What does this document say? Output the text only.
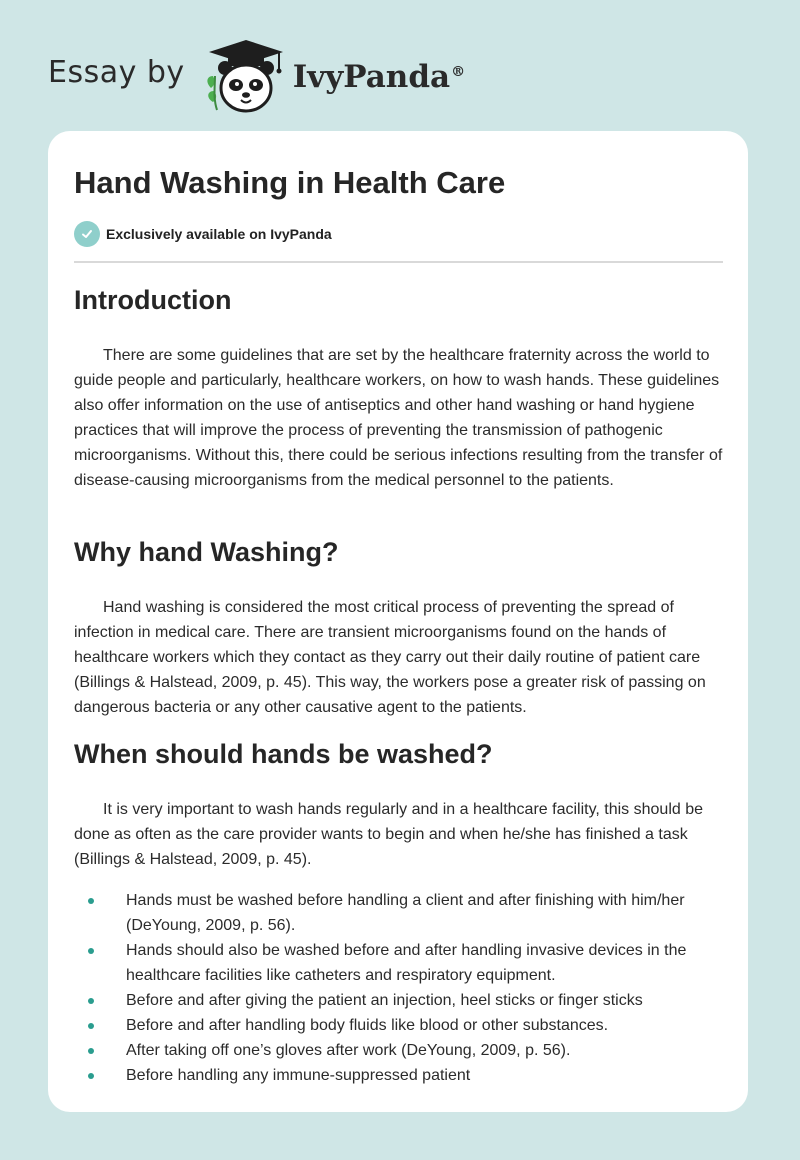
Essay by	IvyPanda®
Hand Washing in Health Care
Exclusively available on IvyPanda
Introduction

There are some guidelines that are set by the healthcare fraternity across the world to guide people and particularly, healthcare workers, on how to wash hands. These guidelines also offer information on the use of antiseptics and other hand washing or hand hygiene practices that will improve the process of preventing the transmission of pathogenic microorganisms. Without this, there could be serious infections resulting from the transfer of disease-causing microorganisms from the medical personnel to the patients.

Why hand Washing?

Hand washing is considered the most critical process of preventing the spread of infection in medical care. There are transient microorganisms found on the hands of healthcare workers which they contact as they carry out their daily routine of patient care (Billings & Halstead, 2009, p. 45). This way, the workers pose a greater risk of passing on dangerous bacteria or any other causative agent to the patients.

When should hands be washed?

It is very important to wash hands regularly and in a healthcare facility, this should be done as often as the care provider wants to begin and when he/she has finished a task (Billings & Halstead, 2009, p. 45).

Hands must be washed before handling a client and after finishing with him/her (DeYoung, 2009, p. 56).
Hands should also be washed before and after handling invasive devices in the healthcare facilities like catheters and respiratory equipment.
Before and after giving the patient an injection, heel sticks or finger sticks
Before and after handling body fluids like blood or other substances.
After taking off one’s gloves after work (DeYoung, 2009, p. 56).
Before handling any immune-suppressed patient
